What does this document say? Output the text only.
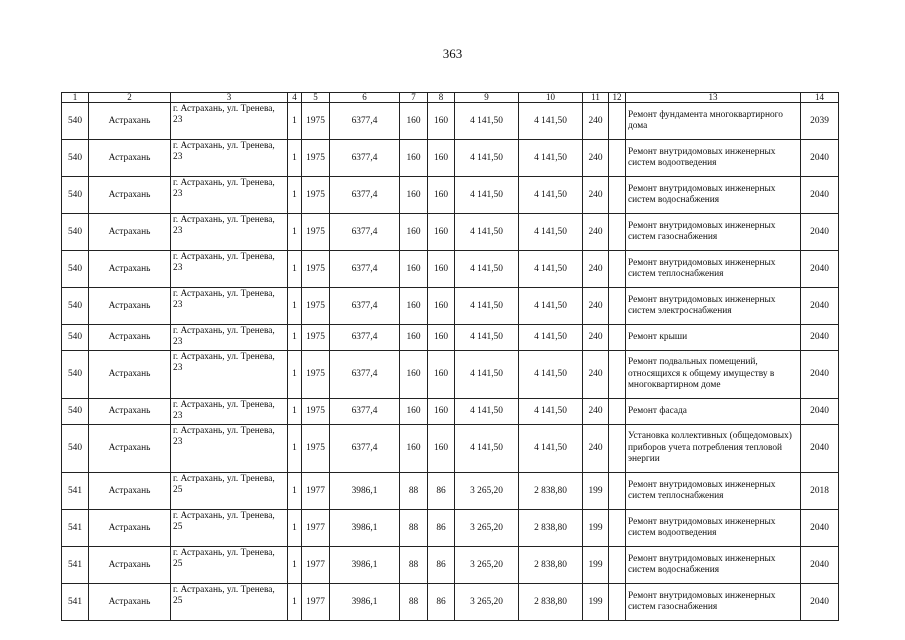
363
1	2	3	4	5	6	7	8	9	10	11	12	13	14
540	Астрахань	г. Астрахань, ул. Тренева, 23	1	1975	6377,4	160	160	4 141,50	4 141,50	240		Ремонт фундамента многоквартирного дома	2039
540	Астрахань	г. Астрахань, ул. Тренева, 23	1	1975	6377,4	160	160	4 141,50	4 141,50	240		Ремонт внутридомовых инженерных систем водоотведения	2040
540	Астрахань	г. Астрахань, ул. Тренева, 23	1	1975	6377,4	160	160	4 141,50	4 141,50	240		Ремонт внутридомовых инженерных систем водоснабжения	2040
540	Астрахань	г. Астрахань, ул. Тренева, 23	1	1975	6377,4	160	160	4 141,50	4 141,50	240		Ремонт внутридомовых инженерных систем газоснабжения	2040
540	Астрахань	г. Астрахань, ул. Тренева, 23	1	1975	6377,4	160	160	4 141,50	4 141,50	240		Ремонт внутридомовых инженерных систем теплоснабжения	2040
540	Астрахань	г. Астрахань, ул. Тренева, 23	1	1975	6377,4	160	160	4 141,50	4 141,50	240		Ремонт внутридомовых инженерных систем электроснабжения	2040
540	Астрахань	г. Астрахань, ул. Тренева, 23	1	1975	6377,4	160	160	4 141,50	4 141,50	240		Ремонт крыши	2040
540	Астрахань	г. Астрахань, ул. Тренева, 23	1	1975	6377,4	160	160	4 141,50	4 141,50	240		Ремонт подвальных помещений, относящихся к общему имуществу в многоквартирном доме	2040
540	Астрахань	г. Астрахань, ул. Тренева, 23	1	1975	6377,4	160	160	4 141,50	4 141,50	240		Ремонт фасада	2040
540	Астрахань	г. Астрахань, ул. Тренева, 23	1	1975	6377,4	160	160	4 141,50	4 141,50	240		Установка коллективных (общедомовых) приборов учета потребления тепловой энергии	2040
541	Астрахань	г. Астрахань, ул. Тренева, 25	1	1977	3986,1	88	86	3 265,20	2 838,80	199		Ремонт внутридомовых инженерных систем теплоснабжения	2018
541	Астрахань	г. Астрахань, ул. Тренева, 25	1	1977	3986,1	88	86	3 265,20	2 838,80	199		Ремонт внутридомовых инженерных систем водоотведения	2040
541	Астрахань	г. Астрахань, ул. Тренева, 25	1	1977	3986,1	88	86	3 265,20	2 838,80	199		Ремонт внутридомовых инженерных систем водоснабжения	2040
541	Астрахань	г. Астрахань, ул. Тренева, 25	1	1977	3986,1	88	86	3 265,20	2 838,80	199		Ремонт внутридомовых инженерных систем газоснабжения	2040
